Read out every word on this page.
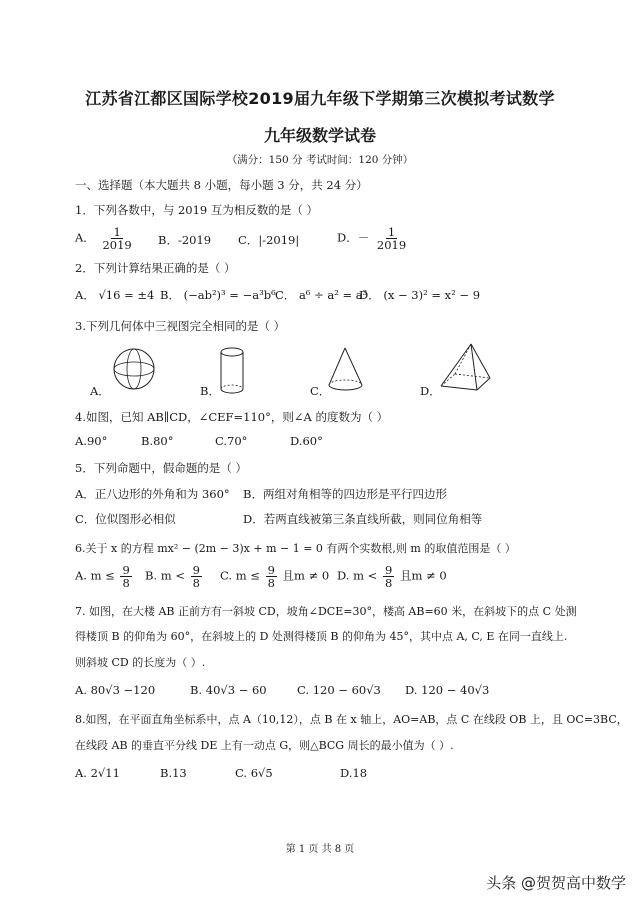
江苏省江都区国际学校2019届九年级下学期第三次模拟考试数学
九年级数学试卷
（满分：150 分 考试时间：120 分钟）
一、选择题（本大题共 8 小题，每小题 3 分，共 24 分）
1．下列各数中，与 2019 互为相反数的是（ ）
A． $\frac{1}{2019}$ B．-2019 C．|-2019|	D．－ $\frac{1}{2019}$
2．下列计算结果正确的是（ ）
A． √16 = ±4 B． (−ab²)³ = −a³b⁶ C． a⁶ ÷ a² = a³
D． (x − 3)² = x² − 9
3.下列几何体中三视图完全相同的是（ ）
A．	B．	C．	D．
4.如图，已知 AB∥CD，∠CEF=110°，则∠A 的度数为（ ）
A.90°	B.80°	C.70°	D.60°
5．下列命题中，假命题的是（ ）
A．正八边形的外角和为 360° B．两组对角相等的四边形是平行四边形
C．位似图形必相似	D．若两直线被第三条直线所截，则同位角相等
6.关于 x 的方程 mx² − (2m − 3)x + m − 1 = 0 有两个实数根,则 m 的取值范围是（ ）
A. $m \le \frac{9}{8} B$. $m < \frac{9}{8} C$. $m \le \frac{9}{8}$ 且m ≠ 0 D. $m < \frac{9}{8}$ 且m ≠ 0
7. 如图，在大楼 AB 正前方有一斜坡 CD，坡角∠DCE=30°，楼高 AB=60 米，在斜坡下的点 C 处测
得楼顶 B 的仰角为 60°，在斜坡上的 D 处测得楼顶 B 的仰角为 45°，其中点 A, C, E 在同一直线上.
则斜坡 CD 的长度为（ ）.
A. 80√3 −120	B. 40√3 − 60	C. 120 − 60√3 D. 120 − 40√3
8.如图，在平面直角坐标系中，点 A（10,12），点 B 在 x 轴上，AO=AB，点 C 在线段 OB 上，且 OC=3BC，
在线段 AB 的垂直平分线 DE 上有一动点 G，则△BCG 周长的最小值为（ ）.
A. 2√11	B.13	C. 6√5	D.18
第 1 页 共 8 页
头条 @贺贺高中数学
